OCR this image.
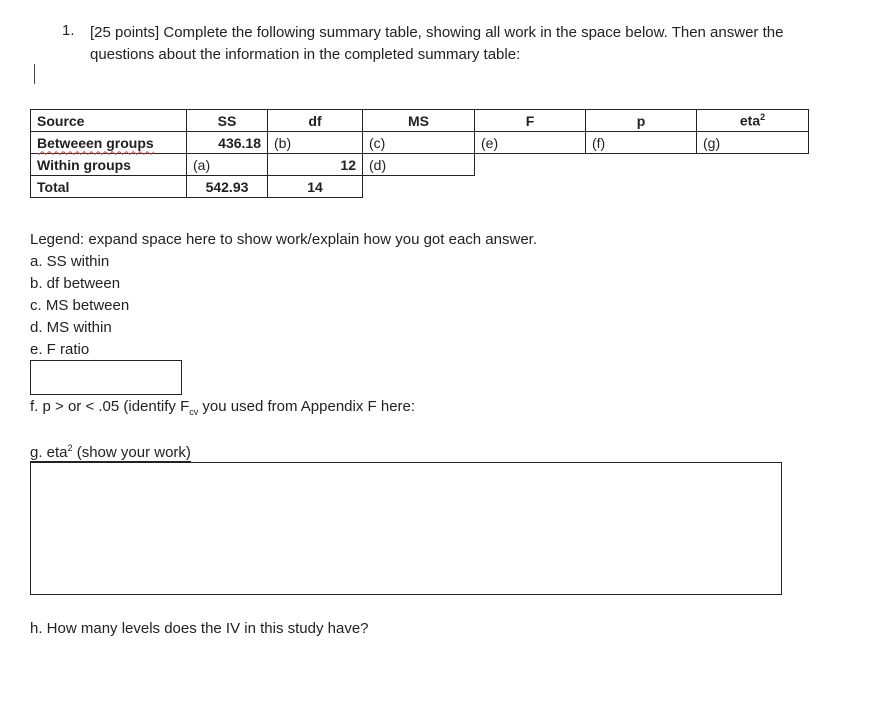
1. [25 points] Complete the following summary table, showing all work in the space below. Then answer the questions about the information in the completed summary table:
Source	SS	df	MS	F	p	eta$^2$
Betweeen groups	436.18	(b)	(c)	(e)	(f)	(g)
Within groups	(a)	12	(d)			
Total	542.93	14				
Legend: expand space here to show work/explain how you got each answer.
a. SS within
b. df between
c. MS between
d. MS within
e. F ratio
f. p > or < .05 (identify $F_{cv}$ you used from Appendix F here:
g. eta$^2$ (show your work)
h. How many levels does the IV in this study have?
